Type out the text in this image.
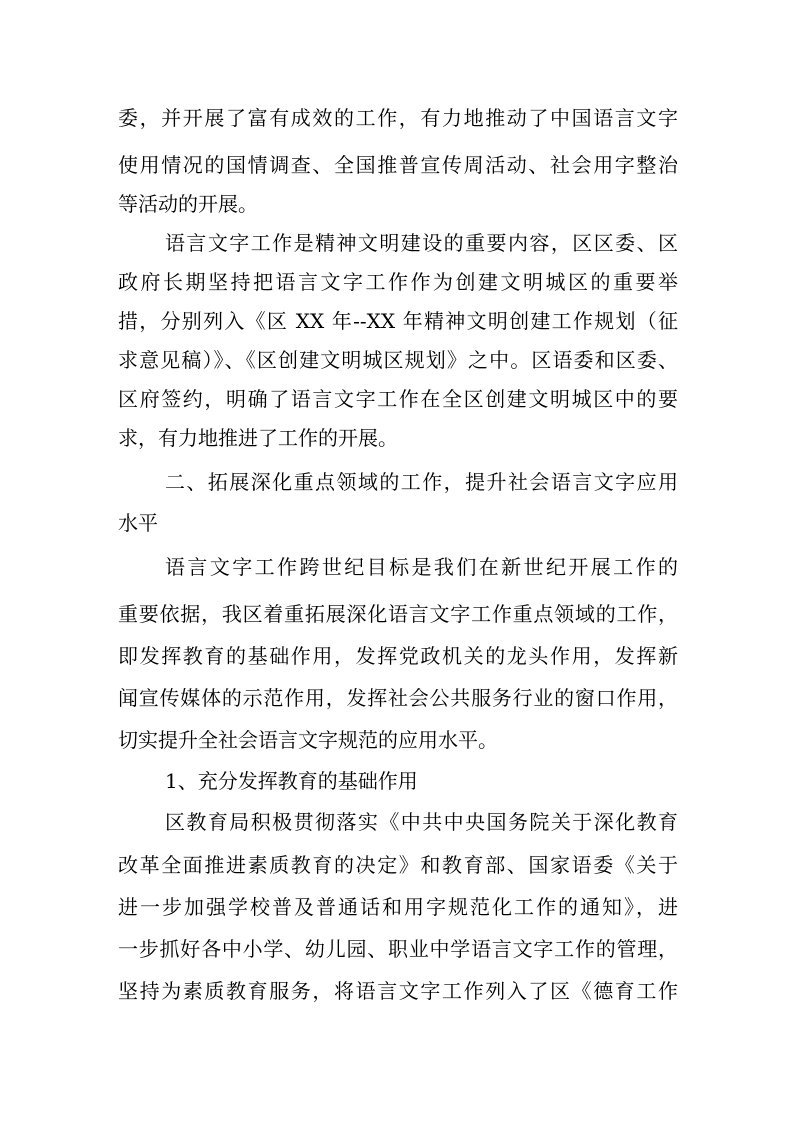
委，并开展了富有成效的工作，有力地推动了中国语言文字

使用情况的国情调查、全国推普宣传周活动、社会用字整治

等活动的开展。

语言文字工作是精神文明建设的重要内容，区区委、区

政府长期坚持把语言文字工作作为创建文明城区的重要举

措，分别列入《区 XX 年--XX 年精神文明创建工作规划（征

求意见稿）》、《区创建文明城区规划》之中。区语委和区委、

区府签约，明确了语言文字工作在全区创建文明城区中的要

求，有力地推进了工作的开展。

二、拓展深化重点领域的工作，提升社会语言文字应用

水平

语言文字工作跨世纪目标是我们在新世纪开展工作的

重要依据，我区着重拓展深化语言文字工作重点领域的工作，

即发挥教育的基础作用，发挥党政机关的龙头作用，发挥新

闻宣传媒体的示范作用，发挥社会公共服务行业的窗口作用，

切实提升全社会语言文字规范的应用水平。

1、充分发挥教育的基础作用

区教育局积极贯彻落实《中共中央国务院关于深化教育

改革全面推进素质教育的决定》和教育部、国家语委《关于

进一步加强学校普及普通话和用字规范化工作的通知》，进

一步抓好各中小学、幼儿园、职业中学语言文字工作的管理，

坚持为素质教育服务，将语言文字工作列入了区《德育工作
